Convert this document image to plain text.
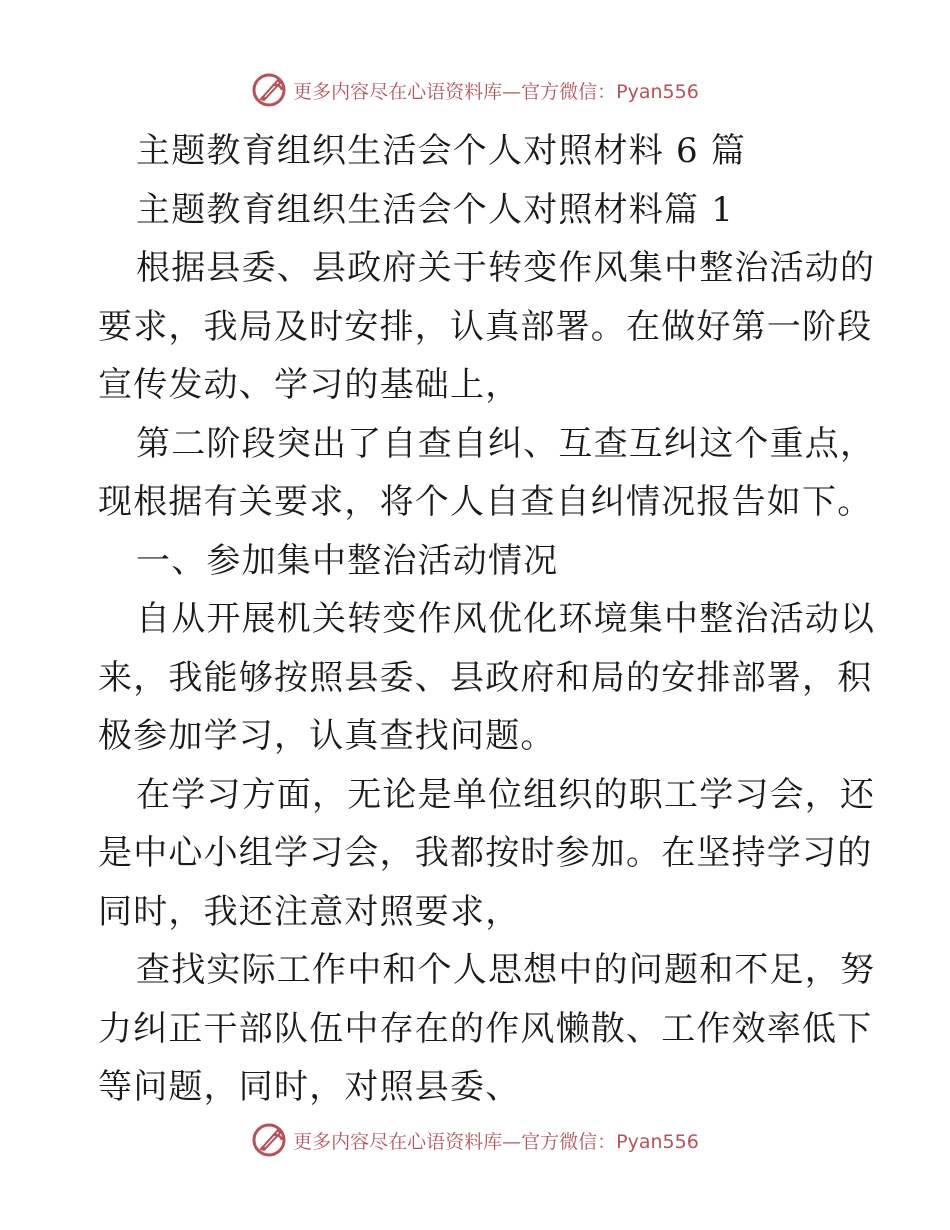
更多内容尽在心语资料库—官方微信：Pyan556

主题教育组织生活会个人对照材料 6 篇

主题教育组织生活会个人对照材料篇 1

根据县委、县政府关于转变作风集中整治活动的
要求，我局及时安排，认真部署。在做好第一阶段
宣传发动、学习的基础上，

第二阶段突出了自查自纠、互查互纠这个重点，
现根据有关要求，将个人自查自纠情况报告如下。

一、参加集中整治活动情况

自从开展机关转变作风优化环境集中整治活动以
来，我能够按照县委、县政府和局的安排部署，积
极参加学习，认真查找问题。

在学习方面，无论是单位组织的职工学习会，还
是中心小组学习会，我都按时参加。在坚持学习的
同时，我还注意对照要求，

查找实际工作中和个人思想中的问题和不足，努
力纠正干部队伍中存在的作风懒散、工作效率低下
等问题，同时，对照县委、

更多内容尽在心语资料库—官方微信：Pyan556
